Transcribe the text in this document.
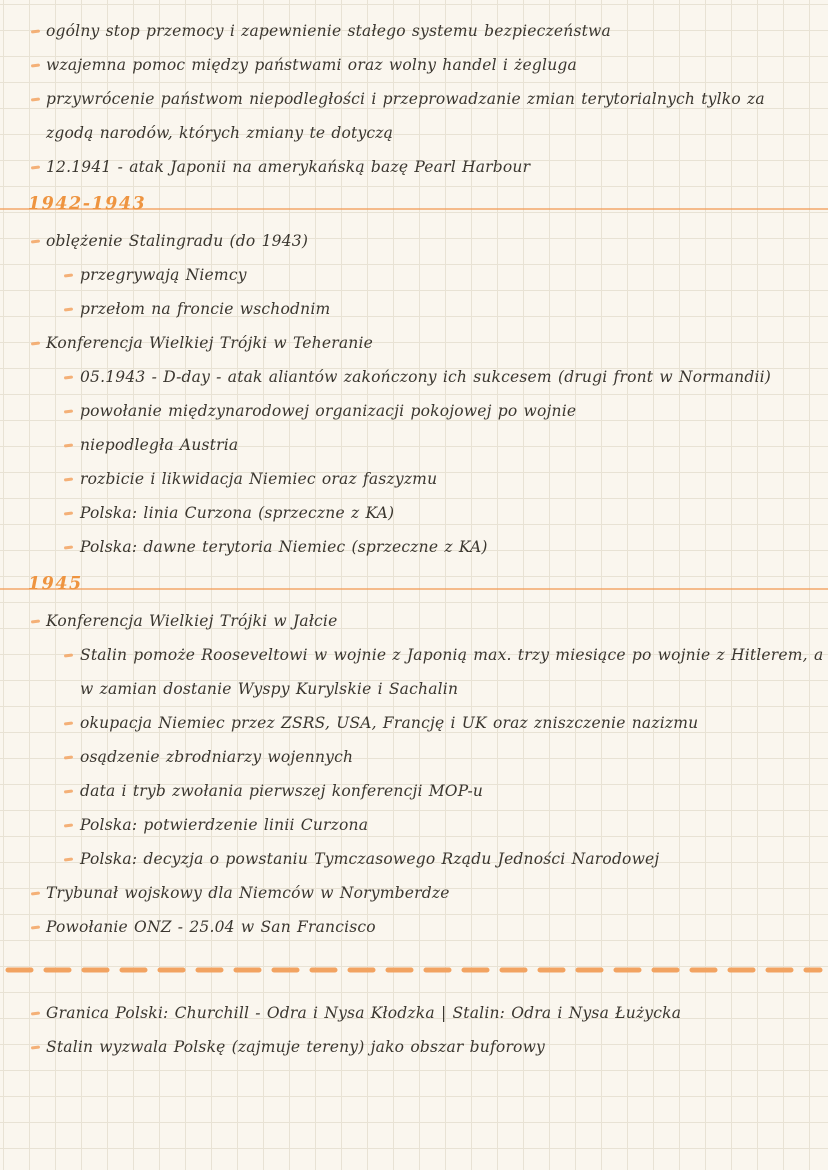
ogólny stop przemocy i zapewnienie stałego systemu bezpieczeństwa
wzajemna pomoc między państwami oraz wolny handel i żegluga
przywrócenie państwom niepodległości i przeprowadzanie zmian terytorialnych tylko za
zgodą narodów, których zmiany te dotyczą
12.1941 - atak Japonii na amerykańską bazę Pearl Harbour
1942-1943
oblężenie Stalingradu (do 1943)
przegrywają Niemcy
przełom na froncie wschodnim
Konferencja Wielkiej Trójki w Teheranie
05.1943 - D-day - atak aliantów zakończony ich sukcesem (drugi front w Normandii)
powołanie międzynarodowej organizacji pokojowej po wojnie
niepodległa Austria
rozbicie i likwidacja Niemiec oraz faszyzmu
Polska: linia Curzona (sprzeczne z KA)
Polska: dawne terytoria Niemiec (sprzeczne z KA)
1945
Konferencja Wielkiej Trójki w Jałcie
Stalin pomoże Rooseveltowi w wojnie z Japonią max. trzy miesiące po wojnie z Hitlerem, a
w zamian dostanie Wyspy Kurylskie i Sachalin
okupacja Niemiec przez ZSRS, USA, Francję i UK oraz zniszczenie nazizmu
osądzenie zbrodniarzy wojennych
data i tryb zwołania pierwszej konferencji MOP-u
Polska: potwierdzenie linii Curzona
Polska: decyzja o powstaniu Tymczasowego Rządu Jedności Narodowej
Trybunał wojskowy dla Niemców w Norymberdze
Powołanie ONZ - 25.04 w San Francisco
Granica Polski: Churchill - Odra i Nysa Kłodzka | Stalin: Odra i Nysa Łużycka
Stalin wyzwala Polskę (zajmuje tereny) jako obszar buforowy
